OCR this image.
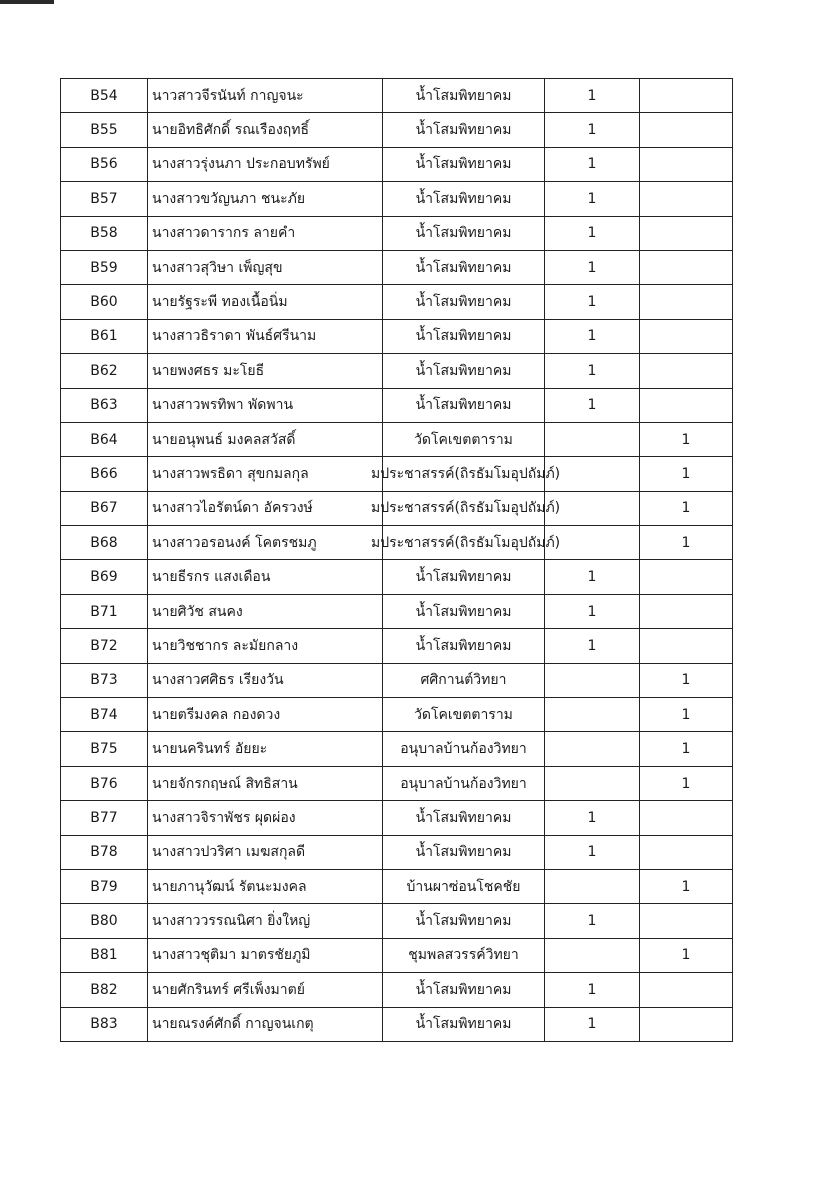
B54	นาวสาวจีรนันท์ กาญจนะ	น้ำโสมพิทยาคม	1	
B55	นายอิทธิศักดิ์ รณเรืองฤทธิ์	น้ำโสมพิทยาคม	1	
B56	นางสาวรุ่งนภา ประกอบทรัพย์	น้ำโสมพิทยาคม	1	
B57	นางสาวขวัญนภา ชนะภัย	น้ำโสมพิทยาคม	1	
B58	นางสาวดารากร ลายคำ	น้ำโสมพิทยาคม	1	
B59	นางสาวสุวิษา เพ็ญสุข	น้ำโสมพิทยาคม	1	
B60	นายรัฐระพี ทองเนื้อนิ่ม	น้ำโสมพิทยาคม	1	
B61	นางสาวธิราดา พันธ์ศรีนาม	น้ำโสมพิทยาคม	1	
B62	นายพงศธร มะโยธี	น้ำโสมพิทยาคม	1	
B63	นางสาวพรทิพา พัดพาน	น้ำโสมพิทยาคม	1	
B64	นายอนุพนธ์ มงคลสวัสดิ์	วัดโคเขตตาราม		1
B66	นางสาวพรธิดา สุขกมลกุล	มประชาสรรค์(ถิรธัมโมอุปถัมภ์)		1
B67	นางสาวไอรัตน์ดา อัครวงษ์	มประชาสรรค์(ถิรธัมโมอุปถัมภ์)		1
B68	นางสาวอรอนงค์ โคตรชมภู	มประชาสรรค์(ถิรธัมโมอุปถัมภ์)		1
B69	นายธีรกร แสงเดือน	น้ำโสมพิทยาคม	1	
B71	นายศิวัช สนคง	น้ำโสมพิทยาคม	1	
B72	นายวิชชากร ละมัยกลาง	น้ำโสมพิทยาคม	1	
B73	นางสาวศศิธร เรียงวัน	ศศิกานต์วิทยา		1
B74	นายตรีมงคล กองดวง	วัดโคเขตตาราม		1
B75	นายนครินทร์ อัยยะ	อนุบาลบ้านก้องวิทยา		1
B76	นายจักรกฤษณ์ สิทธิสาน	อนุบาลบ้านก้องวิทยา		1
B77	นางสาวจิราพัชร ผุดผ่อง	น้ำโสมพิทยาคม	1	
B78	นางสาวปวริศา เมฆสกุลดี	น้ำโสมพิทยาคม	1	
B79	นายภานุวัฒน์ รัตนะมงคล	บ้านผาซ่อนโชคชัย		1
B80	นางสาววรรณนิศา ยิ่งใหญ่	น้ำโสมพิทยาคม	1	
B81	นางสาวชุติมา มาตรชัยภูมิ	ชุมพลสวรรค์วิทยา		1
B82	นายศักรินทร์ ศรีเพ็งมาตย์	น้ำโสมพิทยาคม	1	
B83	นายณรงค์ศักดิ์ กาญจนเกตุ	น้ำโสมพิทยาคม	1	
